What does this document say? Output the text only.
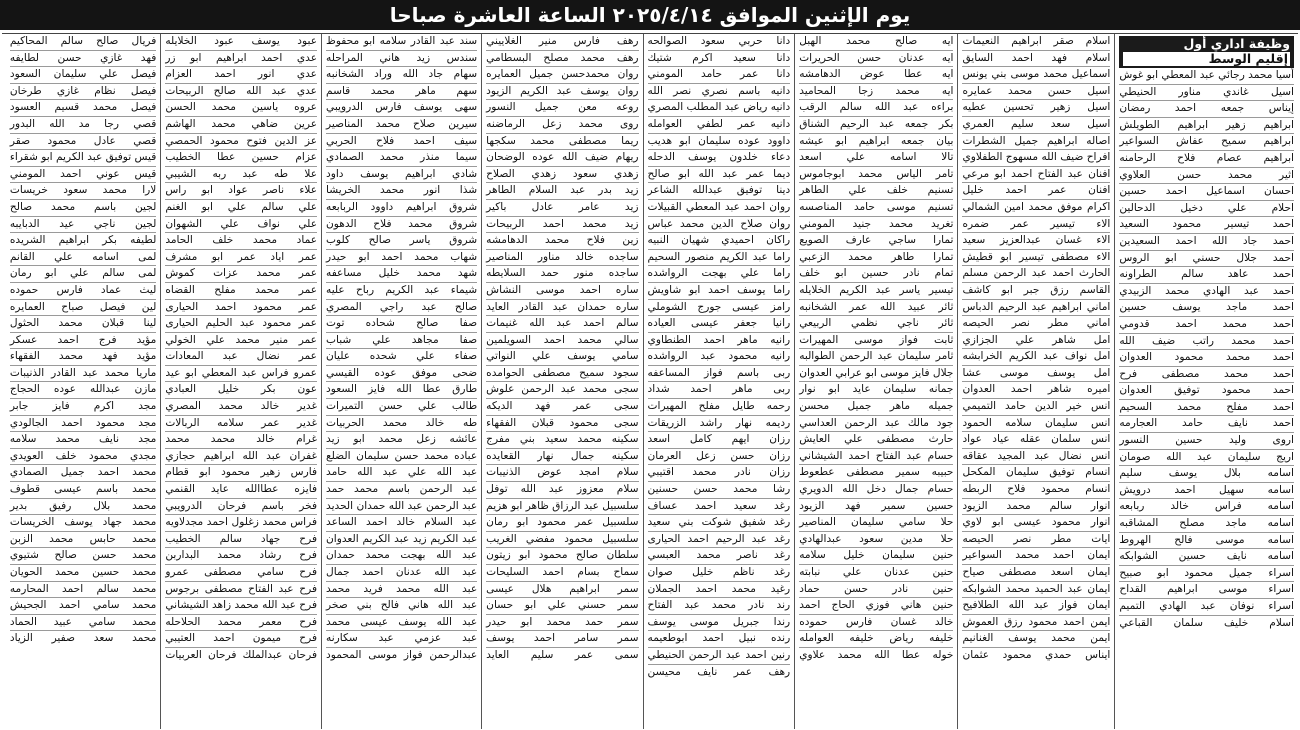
يوم الإثنين الموافق ٢٠٢٥/٤/١٤ الساعة العاشرة صباحا
وظيفة اداري أول
إقليم الوسط
أسيا محمد رجائي عبد المعطي ابو غوش
اسيل غاندي مناور الحنيطي
إيناس جمعه احمد رمضان
ابراهيم زهير ابراهيم الطويلش
ابراهيم سميح عفاش السواعير
ابراهيم عصام فلاح الرحامنه
اثير محمد حسن العلاوي
احسان اسماعيل احمد حسين
احلام علي دخيل الدحالين
احمد تيسير محمود السعيد
احمد جاد الله احمد السعيدين
احمد جلال حسني ابو الروس
احمد عاهد سالم الطراونه
احمد عبد الهادي محمد الزبيدي
احمد ماجد يوسف حسين
احمد محمد احمد قدومي
احمد محمد راتب ضيف الله
احمد محمد محمود العدوان
احمد محمد مصطفى فرح
احمد محمود توفيق العدوان
احمد مفلح محمد السحيم
احمد نايف حامد العجارمه
اروى وليد حسين النسور
اريج سليمان عبد الله صومان
اسامه بلال يوسف سليم
اسامه سهيل احمد درويش
اسامه فراس خالد ربابعه
اسامه ماجد مصلح المشاقبه
اسامه موسى فالح الهروط
اسامه نايف حسين الشوابكه
اسراء جميل محمود ابو صبيح
اسراء موسى ابراهيم القداح
اسراء نوفان عبد الهادي التميم
اسلام خليف سلمان القباعي
اسلام صقر ابراهيم النعيمات
اسلام فهد احمد السايق
اسماعيل محمد موسى بني يونس
اسيل حسن محمد عمايره
اسيل زهير تحسين عطيه
اسيل سعد سليم العمري
اصاله ابراهيم جميل الشطرات
افراح ضيف الله مسهوج الطفلاوي
افنان عبد الفتاح احمد ابو مرعي
افنان عمر احمد خليل
اكرام موفق محمد امين الشمالي
الاء تيسير عمر ضمره
الاء غسان عبدالعزيز سعيد
الاء مصطفى تيسير ابو قطيش
الحارث احمد عبد الرحمن مسلم
القاسم رزق جبر ابو كاشف
اماني ابراهيم عبد الرحيم الدباس
اماني مطر نصر الحيصه
امل شاهر علي الجزازي
امل نواف عبد الكريم الخرابشه
امل يوسف موسى عشا
اميره شاهر احمد العدوان
انس خير الدين حامد التميمي
انس سليمان سلامه الحمود
انس سلمان عقله عياد عواد
انس نضال عبد المجيد عقاقه
انسام توفيق سليمان المكحل
انسام محمود فلاح الربطه
انوار سالم محمد الزيود
انوار محمود عيسى ابو لاوي
ايات مطر نصر الحيصه
ايمان احمد محمد السواعير
ايمان اسعد مصطفى صياح
ايمان عبد الحميد محمد الشوابكه
ايمان فواز عبد الله الطلافيح
ايمن احمد محمود رزق العموش
ايمن محمد يوسف الغنانيم
ايناس حمدي محمود عثمان
ايه صالح محمد الهبل
ايه عدنان حسن الحريرات
ايه عطا عوض الدهامشه
ايه محمد زجا المحاميد
براءه عبد الله سالم الرقب
بكر جمعه عبد الرحيم الشناق
بيان جمعه ابراهيم ابو عيشه
تالا اسامه علي اسعد
تامر الياس محمد ابوجاموس
تسنيم خلف علي الطاهر
تسنيم موسى حامد المناصسه
تغريد محمد جنيد المومني
تمارا ساجي عارف الصويع
تمارا طاهر محمد الزعبي
تمام نادر حسين ابو خلف
تيسير ياسر عبد الكريم الخلايله
ثائر عبيد الله عمر الشخانبه
ثائر ناجي نظمي الربيعي
ثابت فواز موسى المهيرات
ثامر سليمان عبد الرحمن الطوالبه
جلال فايز موسى ابو عرابي العدوان
جمانه سليمان عايد ابو نوار
جميله ماهر جميل محسن
جود مالك عبد الرحمن العداسي
حارث مصطفى علي العايش
حسام عبد الفتاح احمد الشيشاني
حبيبه سمير مصطفى عطعوط
حسام جمال دخل الله الدويري
حسين سمير فهد الزيود
حلا سامي سليمان المناصير
حلا مدين سعود عبدالهادي
حنين سليمان خليل سلامه
حنين عدنان علي نبابته
حنين نادر حسن حماد
حنين هاني فوزي الحاج احمد
خالد غسان فارس حموده
خليفه رياض خليفه العوامله
خوله عطا الله محمد علاوي
دانا حربي سعود الصوالحه
دانا سعيد اكرم شتيك
دانا عمر حامد المومني
دانيه باسم نصري نصر الله
دانيه رياض عبد المطلب المصري
دانيه عمر لطفي العوامله
داوود عوده سليمان ابو هديب
دعاء خلدون يوسف الدحله
ديما عمر عبد الله ابو صالح
دينا توفيق عبدالله الشاعر
روان احمد عبد المعطي القبيلات
روان صلاح الدين محمد عباس
راكان احميدي شهيان النبيه
راما عبد الكريم منصور السحيم
راما علي بهجت الرواشده
راما يوسف احمد ابو شاويش
رامز عيسى جورج الشوملي
رانيا جعفر عيسى العياده
رانيه ماهر احمد الطنطاوي
رانيه محمود عبد الرواشده
ربى باسم فواز المساعفه
ربى ماهر احمد شداد
رحمه طايل مفلح المهيرات
رديمه نهار راشد الزريقات
رزان ايهم كامل اسعد
رزان حسن زعل العرمان
رزان نادر محمد اقتيبي
رشا محمد حسن حسنين
رغد سعيد احمد عساف
رغد شفيق شوكت بني سعيد
رغد عبد الرحيم احمد الحيارى
رغد ناصر محمد العبسي
رغد ناظم خليل صوان
رغيد محمد احمد الجملان
رند نادر محمد عبد الفتاح
رندا جبريل موسى يوسف
رنده نبيل احمد ابوطعيمه
رنين احمد عبد الرحمن الحنيطي
رهف عمر نايف محيسن
رهف فارس منير الغلاييني
رهف محمد مصلح البسطامي
روان محمدحسن جميل العمايره
روان يوسف عبد الكريم الزيود
روعه معن جميل النسور
روى محمد زعل الرماضنه
ريما مصطفى محمد سكجها
ريهام ضيف الله عوده الوضحان
زهدي سعود زهدي الصلاح
زيد بدر عبد السلام الطاهر
زيد عامر عادل باكير
زيد محمد احمد الربيحات
زين فلاح محمد الدهامشه
ساجده خالد مناور المناصير
ساجده منور حمد السلايطه
ساره احمد موسى النشاش
ساره حمدان عبد القادر العايد
سالم احمد عبد الله غنيمات
سالي محمد احمد السويلمين
سامي يوسف علي النواتي
سجود سميح مصطفى الحوامده
سجى محمد عبد الرحمن علوش
سجى عمر فهد الديكه
سجى محمود قبلان الفقهاء
سكينه محمد سعيد بني مفرج
سكينه جمال نهار القعايده
سلام امجد عوض الذنيبات
سلام معزوز عبد الله توفل
سلسبيل عبد الرزاق ظاهر ابو هزيم
سلسبيل عمر محمود ابو رمان
سلسبيل محمود مفضي الغريب
سلطان صالح محمود ابو زيتون
سماح بسام احمد السليحات
سمر ابراهيم هلال عيسى
سمر حسني علي ابو حسان
سمر حمد محمد ابو حيدر
سمر سامر احمد يوسف
سمى عمر سليم العايد
سند عبد القادر سلامه ابو محفوظ
سندس زيد هاني المراحله
سهام جاد الله وراد الشخانبه
سهم ماهر محمد قاسم
سهى يوسف فارس الدرويبي
سيرين صلاح محمد المناصير
سيف احمد فلاح الحربي
سيما منذر محمد الصمادي
شادي ابراهيم يوسف داود
شذا انور محمد الخريشا
شروق ابراهيم داوود الربابعه
شروق محمد فلاح الدهون
شروق ياسر صالح كلوب
شهاب محمد احمد ابو حيدر
شهد محمد خليل مساعفه
شيماء عبد الكريم رباح عليه
صالح عبد راجي المصري
صفا صالح شحاده توت
صفا مجاهد علي شباب
صفاء علي شحده عليان
ضحى موفق عوده القيسي
طارق عطا الله فايز السعود
طالب علي حسن التميرات
طه خالد محمد الحربيات
عائشه زعل محمد ابو زيد
عباده محمد حسن سليمان الضلع
عبد الله علي عبد الله حامد
عبد الرحمن باسم محمد حمد
عبد الرحمن عبد الله حمدان الحديد
عبد السلام خالد احمد الساعد
عبد الكريم زيد عبد الكريم العدوان
عبد الله بهجت محمد حمدان
عبد الله عدنان احمد جمال
عبد الله محمد فريد محمد
عبد الله هاني فالح بني صخر
عبد الله يوسف عيسى محمد
عبد عزمي عبد سكارنه
عبدالرحمن فواز موسى المحمود
عبود يوسف عبود الخلايله
عدي احمد ابراهيم ابو زر
عدي انور احمد العزام
عدي عبد الله صالح الربيحات
عروه ياسين محمد الحسن
عرين ضاهي محمد الهاشم
عز الدين فتوح محمود الحمصي
عزام حسين عطا الخطيب
علا طه عبد ربه الشيبي
علاء ناصر عواد ابو راس
علي سالم علي ابو الغنم
علي نواف علي الشهوان
عماد محمد خلف الحامد
عمر اياد عمر ابو مشرف
عمر محمد عزات كموش
عمر محمد مفلح القضاه
عمر محمود احمد الحيارى
عمر محمود عبد الحليم الحيارى
عمر منير محمد علي الخولي
عمر نضال عبد المعادات
عمرو فراس عبد المعطي ابو عيد
عون بكر خليل العبادي
غدير خالد محمد المصري
غدير عمر سلامه الربالات
غرام خالد محمد محمد
غفران عبد الله ابراهيم حجازي
فارس زهير محمود ابو قطام
فايزه عطاالله عايد القنمي
فخر باسم فرحان الدرويبي
فراس محمد زغلول احمد مجدلاويه
فرح جهاد سالم الخطيب
فرح رشاد محمد البداربن
فرح سامي مصطفى عمرو
فرح عبد الفتاح مصطفى برجوس
فرح عبد الله محمد زاهد الشيشاني
فرح معمر محمد الحلاحله
فرح ميمون احمد العتيبي
فرحان عبدالملك فرحان العربيات
فريال صالح سالم المحاكيم
فهد غازي حسن لطايفه
فيصل علي سليمان السعود
فيصل نظام غازي طرخان
فيصل محمد قسيم العسود
قصي رجا مد الله البدور
قصي عادل محمود صقر
قيس توفيق عبد الكريم ابو شقراء
قيس عوني احمد المومني
لارا محمد سعود خريسات
لجين باسم محمد صالح
لجين ناجي عيد الدبايبه
لطيفه بكر ابراهيم الشريده
لمى اسامه علي القانم
لمى سالم علي ابو رمان
ليث عماد فارس حموده
لين فيصل صباح العمايره
لينا قبلان محمد الحثول
مؤيد فرج احمد عسكر
مؤيد فهد محمد الفقهاء
ماريا محمد عبد القادر الذنيبات
مازن عبدالله عوده الحجاج
مجد اكرم فايز جابر
مجد محمود احمد الجالودي
مجد نايف محمد سلامه
مجدي محمود خلف العويدي
محمد احمد جميل الصمادي
محمد باسم عيسى قطوف
محمد بلال رفيق بدير
محمد جهاد يوسف الخريسات
محمد حابس محمد الزبن
محمد حسن صالح شتيوي
محمد حسين محمد الحويان
محمد سالم احمد المحارمه
محمد سامي احمد الجحيش
محمد سامي عبيد الحماد
محمد سعد صفير الزياد
